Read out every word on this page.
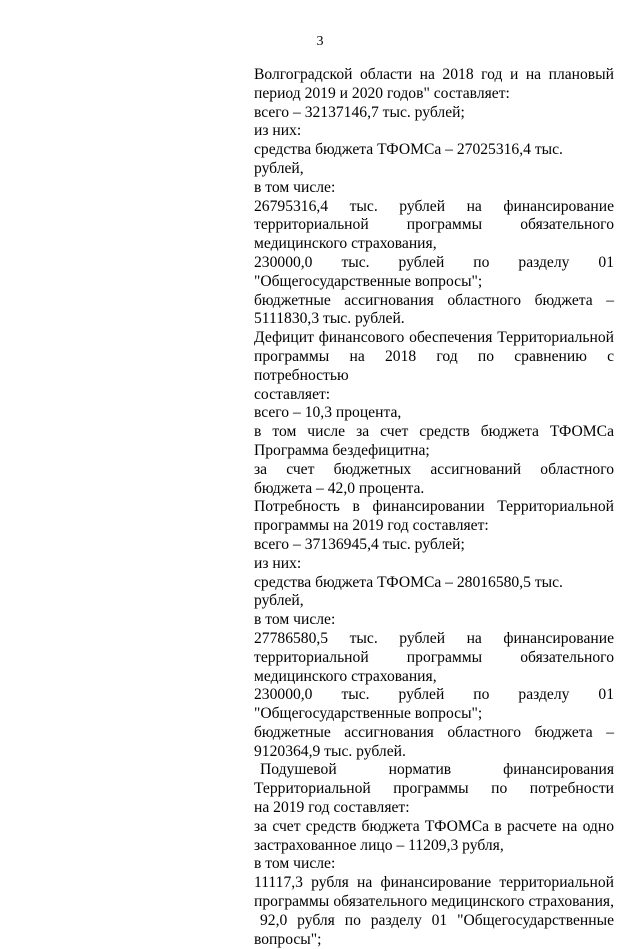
3

Волгоградской области на 2018 год и на плановый

период 2019 и 2020 годов" составляет:

всего – 32137146,7 тыс. рублей;

из них:

средства бюджета ТФОМСа – 27025316,4 тыс. рублей,

в том числе:

26795316,4 тыс. рублей на финансирование

территориальной программы обязательного

медицинского страхования,

230000,0 тыс. рублей по разделу 01

"Общегосударственные вопросы";

бюджетные ассигнования областного бюджета –

5111830,3 тыс. рублей.

Дефицит финансового обеспечения Территориальной

программы на 2018 год по сравнению с потребностью

составляет:

всего – 10,3 процента,

в том числе за счет средств бюджета ТФОМСа

Программа бездефицитна;

за счет бюджетных ассигнований областного

бюджета – 42,0 процента.

Потребность в финансировании Территориальной

программы на 2019 год составляет:

всего – 37136945,4 тыс. рублей;

из них:

средства бюджета ТФОМСа – 28016580,5 тыс. рублей,

в том числе:

27786580,5 тыс. рублей на финансирование

территориальной программы обязательного

медицинского страхования,

230000,0 тыс. рублей по разделу 01

"Общегосударственные вопросы";

бюджетные ассигнования областного бюджета –

9120364,9 тыс. рублей.

Подушевой норматив финансирования

Территориальной программы по потребности

на 2019 год составляет:

за счет средств бюджета ТФОМСа в расчете на одно

застрахованное лицо – 11209,3 рубля,

в том числе:

11117,3 рубля на финансирование территориальной

программы обязательного медицинского страхования,

92,0 рубля по разделу 01 "Общегосударственные

вопросы";
